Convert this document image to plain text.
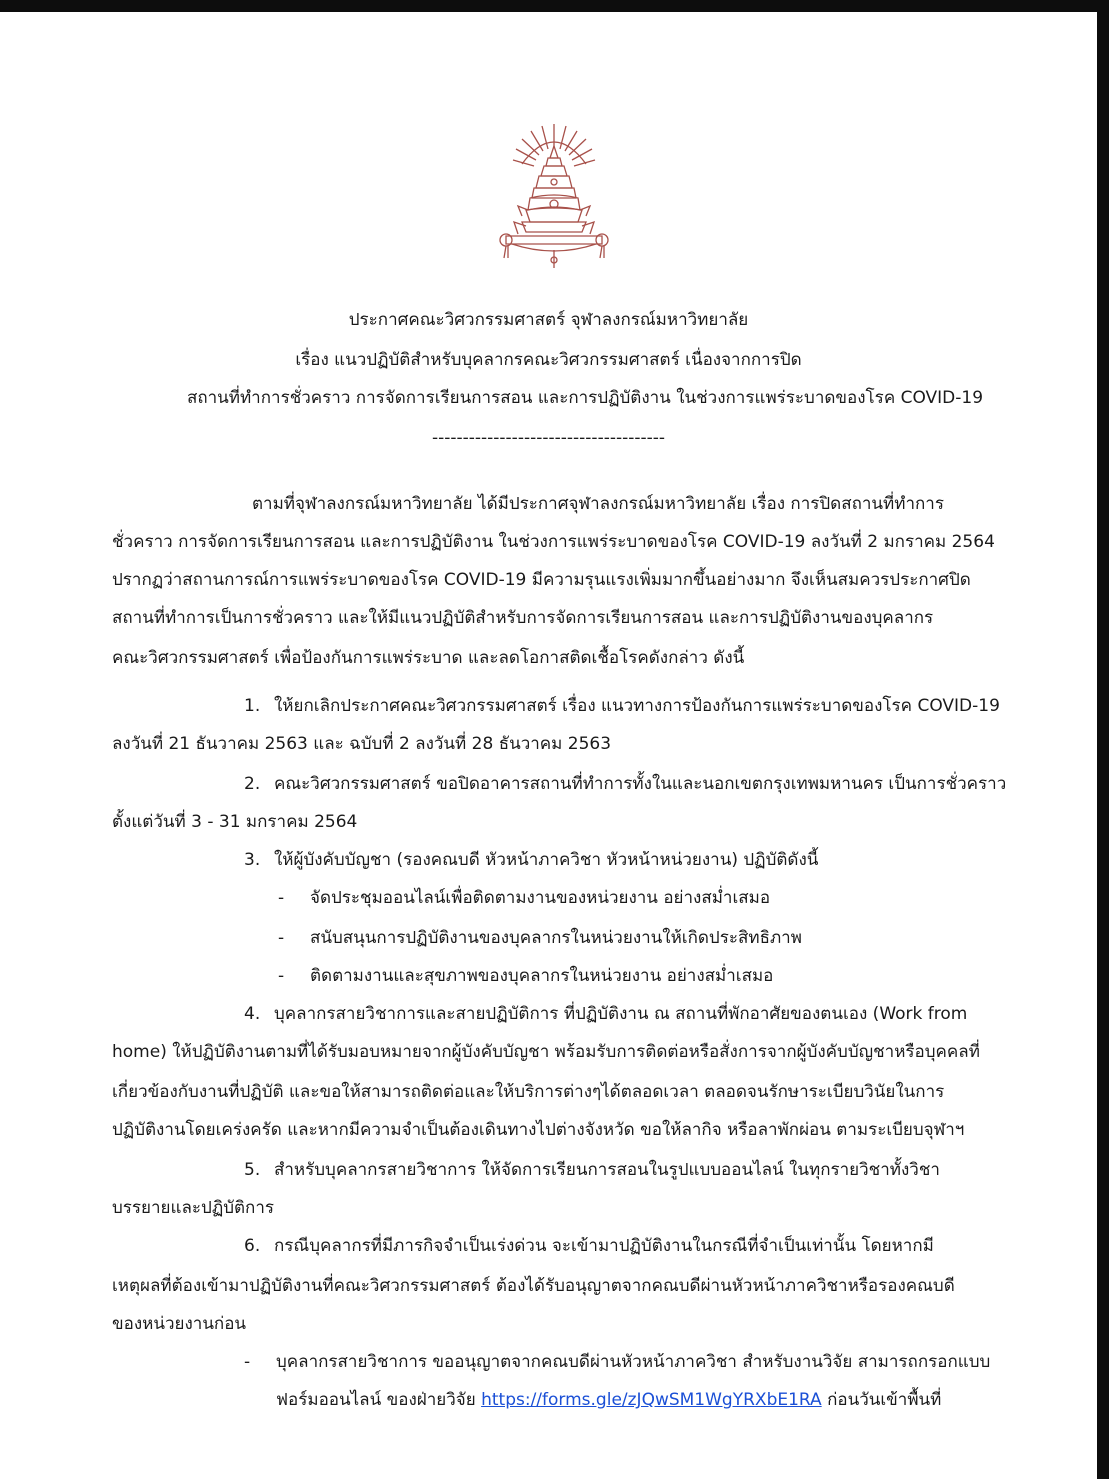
ประกาศคณะวิศวกรรมศาสตร์ จุฬาลงกรณ์มหาวิทยาลัย
เรื่อง แนวปฏิบัติสำหรับบุคลากรคณะวิศวกรรมศาสตร์ เนื่องจากการปิด
สถานที่ทำการชั่วคราว การจัดการเรียนการสอน และการปฏิบัติงาน ในช่วงการแพร่ระบาดของโรค COVID-19
--------------------------------------
ตามที่จุฬาลงกรณ์มหาวิทยาลัย ได้มีประกาศจุฬาลงกรณ์มหาวิทยาลัย เรื่อง การปิดสถานที่ทำการ
ชั่วคราว การจัดการเรียนการสอน และการปฏิบัติงาน ในช่วงการแพร่ระบาดของโรค COVID-19 ลงวันที่ 2 มกราคม 2564
ปรากฏว่าสถานการณ์การแพร่ระบาดของโรค COVID-19 มีความรุนแรงเพิ่มมากขึ้นอย่างมาก จึงเห็นสมควรประกาศปิด
สถานที่ทำการเป็นการชั่วคราว และให้มีแนวปฏิบัติสำหรับการจัดการเรียนการสอน และการปฏิบัติงานของบุคลากร
คณะวิศวกรรมศาสตร์ เพื่อป้องกันการแพร่ระบาด และลดโอกาสติดเชื้อโรคดังกล่าว ดังนี้
1. ให้ยกเลิกประกาศคณะวิศวกรรมศาสตร์ เรื่อง แนวทางการป้องกันการแพร่ระบาดของโรค COVID-19
ลงวันที่ 21 ธันวาคม 2563 และ ฉบับที่ 2 ลงวันที่ 28 ธันวาคม 2563
2. คณะวิศวกรรมศาสตร์ ขอปิดอาคารสถานที่ทำการทั้งในและนอกเขตกรุงเทพมหานคร เป็นการชั่วคราว
ตั้งแต่วันที่ 3 - 31 มกราคม 2564
3. ให้ผู้บังคับบัญชา (รองคณบดี หัวหน้าภาควิชา หัวหน้าหน่วยงาน) ปฏิบัติดังนี้
- จัดประชุมออนไลน์เพื่อติดตามงานของหน่วยงาน อย่างสม่ำเสมอ
- สนับสนุนการปฏิบัติงานของบุคลากรในหน่วยงานให้เกิดประสิทธิภาพ
- ติดตามงานและสุขภาพของบุคลากรในหน่วยงาน อย่างสม่ำเสมอ
4. บุคลากรสายวิชาการและสายปฏิบัติการ ที่ปฏิบัติงาน ณ สถานที่พักอาศัยของตนเอง (Work from
home) ให้ปฏิบัติงานตามที่ได้รับมอบหมายจากผู้บังคับบัญชา พร้อมรับการติดต่อหรือสั่งการจากผู้บังคับบัญชาหรือบุคคลที่
เกี่ยวข้องกับงานที่ปฏิบัติ และขอให้สามารถติดต่อและให้บริการต่างๆได้ตลอดเวลา ตลอดจนรักษาระเบียบวินัยในการ
ปฏิบัติงานโดยเคร่งครัด และหากมีความจำเป็นต้องเดินทางไปต่างจังหวัด ขอให้ลากิจ หรือลาพักผ่อน ตามระเบียบจุฬาฯ
5. สำหรับบุคลากรสายวิชาการ ให้จัดการเรียนการสอนในรูปแบบออนไลน์ ในทุกรายวิชาทั้งวิชา
บรรยายและปฏิบัติการ
6. กรณีบุคลากรที่มีภารกิจจำเป็นเร่งด่วน จะเข้ามาปฏิบัติงานในกรณีที่จำเป็นเท่านั้น โดยหากมี
เหตุผลที่ต้องเข้ามาปฏิบัติงานที่คณะวิศวกรรมศาสตร์ ต้องได้รับอนุญาตจากคณบดีผ่านหัวหน้าภาควิชาหรือรองคณบดี
ของหน่วยงานก่อน
- บุคลากรสายวิชาการ ขออนุญาตจากคณบดีผ่านหัวหน้าภาควิชา สำหรับงานวิจัย สามารถกรอกแบบ
ฟอร์มออนไลน์ ของฝ่ายวิจัย https://forms.gle/zJQwSM1WgYRXbE1RA ก่อนวันเข้าพื้นที่
